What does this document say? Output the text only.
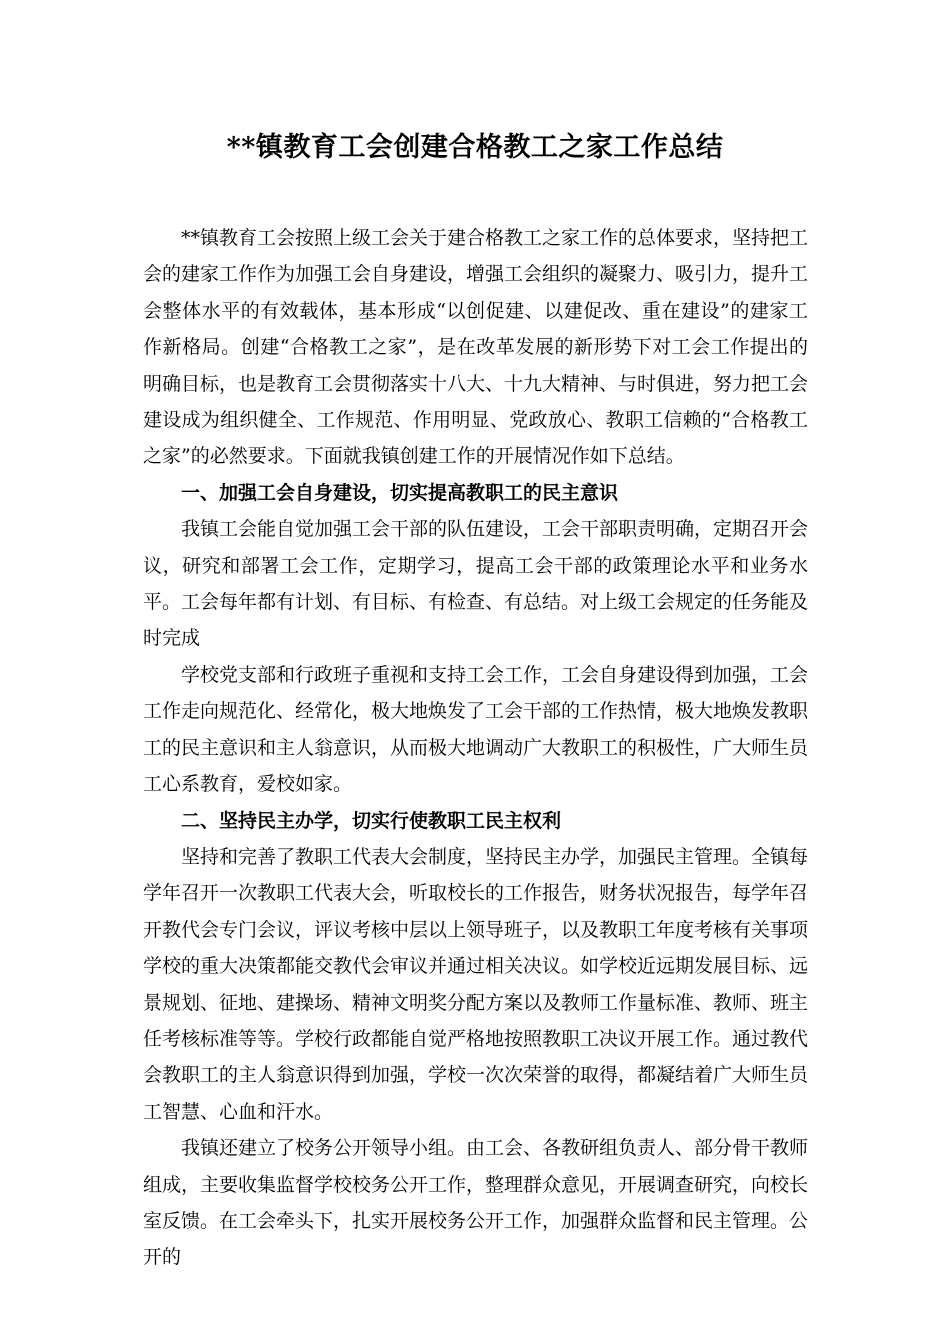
**镇教育工会创建合格教工之家工作总结

**镇教育工会按照上级工会关于建合格教工之家工作的总体要求，坚持把工会的建家工作作为加强工会自身建设，增强工会组织的凝聚力、吸引力，提升工会整体水平的有效载体，基本形成“以创促建、以建促改、重在建设”的建家工作新格局。创建“合格教工之家”，是在改革发展的新形势下对工会工作提出的明确目标，也是教育工会贯彻落实十八大、十九大精神、与时俱进，努力把工会建设成为组织健全、工作规范、作用明显、党政放心、教职工信赖的“合格教工之家”的必然要求。下面就我镇创建工作的开展情况作如下总结。

一、加强工会自身建设，切实提高教职工的民主意识

我镇工会能自觉加强工会干部的队伍建设，工会干部职责明确，定期召开会议，研究和部署工会工作，定期学习，提高工会干部的政策理论水平和业务水平。工会每年都有计划、有目标、有检查、有总结。对上级工会规定的任务能及时完成

学校党支部和行政班子重视和支持工会工作，工会自身建设得到加强，工会工作走向规范化、经常化，极大地焕发了工会干部的工作热情，极大地焕发教职工的民主意识和主人翁意识，从而极大地调动广大教职工的积极性，广大师生员工心系教育，爱校如家。

二、坚持民主办学，切实行使教职工民主权利

坚持和完善了教职工代表大会制度，坚持民主办学，加强民主管理。全镇每学年召开一次教职工代表大会，听取校长的工作报告，财务状况报告，每学年召开教代会专门会议，评议考核中层以上领导班子，以及教职工年度考核有关事项学校的重大决策都能交教代会审议并通过相关决议。如学校近远期发展目标、远景规划、征地、建操场、精神文明奖分配方案以及教师工作量标准、教师、班主任考核标准等等。学校行政都能自觉严格地按照教职工决议开展工作。通过教代会教职工的主人翁意识得到加强，学校一次次荣誉的取得，都凝结着广大师生员工智慧、心血和汗水。

我镇还建立了校务公开领导小组。由工会、各教研组负责人、部分骨干教师组成，主要收集监督学校校务公开工作，整理群众意见，开展调查研究，向校长室反馈。在工会牵头下，扎实开展校务公开工作，加强群众监督和民主管理。公开的
